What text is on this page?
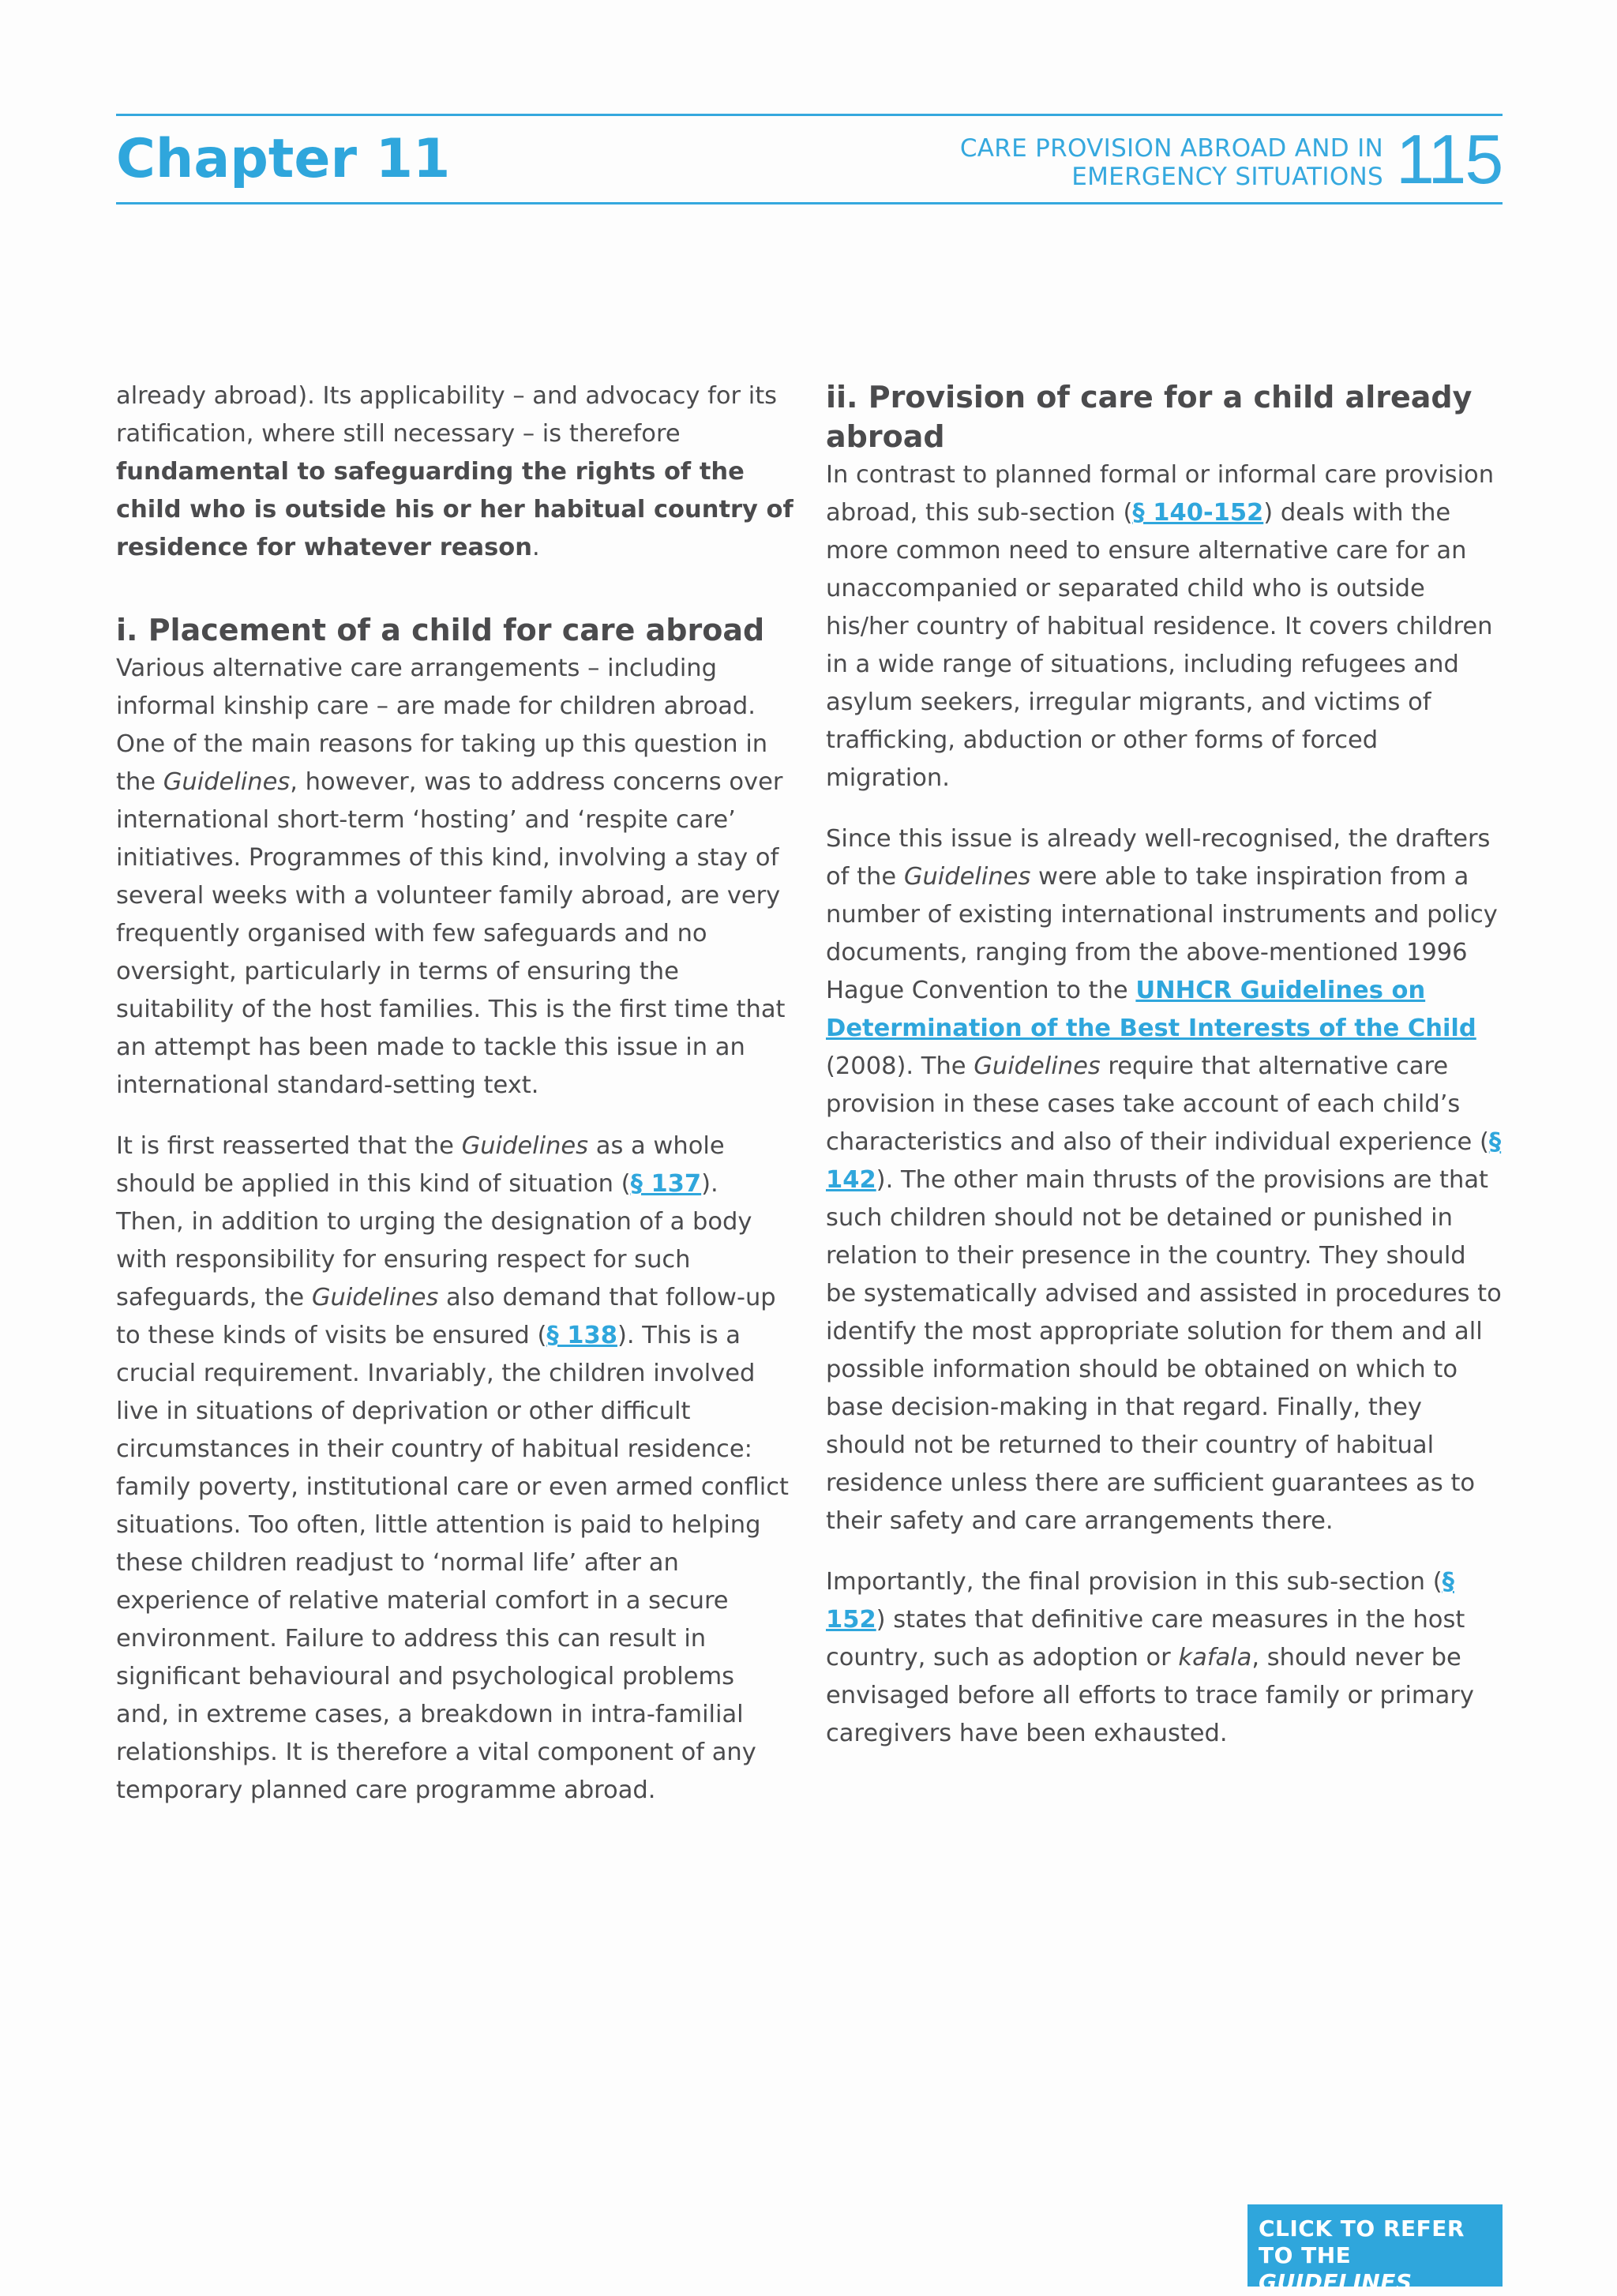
Chapter 11	CARE PROVISION ABROAD AND IN
EMERGENCY SITUATIONS 115

already abroad). Its applicability – and advocacy for its ratification, where still necessary – is therefore fundamental to safeguarding the rights of the child who is outside his or her habitual country of residence for whatever reason.

i. Placement of a child for care abroad

Various alternative care arrangements – including informal kinship care – are made for children abroad. One of the main reasons for taking up this question in the Guidelines, however, was to address concerns over international short-term ‘hosting’ and ‘respite care’ initiatives. Programmes of this kind, involving a stay of several weeks with a volunteer family abroad, are very frequently organised with few safeguards and no oversight, particularly in terms of ensuring the suitability of the host families. This is the first time that an attempt has been made to tackle this issue in an international standard-setting text.

It is first reasserted that the Guidelines as a whole should be applied in this kind of situation (§ 137). Then, in addition to urging the designation of a body with responsibility for ensuring respect for such safeguards, the Guidelines also demand that follow-up to these kinds of visits be ensured (§ 138). This is a crucial requirement. Invariably, the children involved live in situations of deprivation or other difficult circumstances in their country of habitual residence: family poverty, institutional care or even armed conflict situations. Too often, little attention is paid to helping these children readjust to ‘normal life’ after an experience of relative material comfort in a secure environment. Failure to address this can result in significant behavioural and psychological problems and, in extreme cases, a breakdown in intra-familial relationships. It is therefore a vital component of any temporary planned care programme abroad.

ii. Provision of care for a child already abroad

In contrast to planned formal or informal care provision abroad, this sub-section (§ 140-152) deals with the more common need to ensure alternative care for an unaccompanied or separated child who is outside his/her country of habitual residence. It covers children in a wide range of situations, including refugees and asylum seekers, irregular migrants, and victims of trafficking, abduction or other forms of forced migration.

Since this issue is already well-recognised, the drafters of the Guidelines were able to take inspiration from a number of existing international instruments and policy documents, ranging from the above-mentioned 1996 Hague Convention to the UNHCR Guidelines on Determination of the Best Interests of the Child (2008). The Guidelines require that alternative care provision in these cases take account of each child’s characteristics and also of their individual experience (§ 142). The other main thrusts of the provisions are that such children should not be detained or punished in relation to their presence in the country. They should be systematically advised and assisted in procedures to identify the most appropriate solution for them and all possible information should be obtained on which to base decision-making in that regard. Finally, they should not be returned to their country of habitual residence unless there are sufficient guarantees as to their safety and care arrangements there.

Importantly, the final provision in this sub-section (§ 152) states that definitive care measures in the host country, such as adoption or kafala, should never be envisaged before all efforts to trace family or primary caregivers have been exhausted.

CLICK TO REFER
TO THE GUIDELINES
